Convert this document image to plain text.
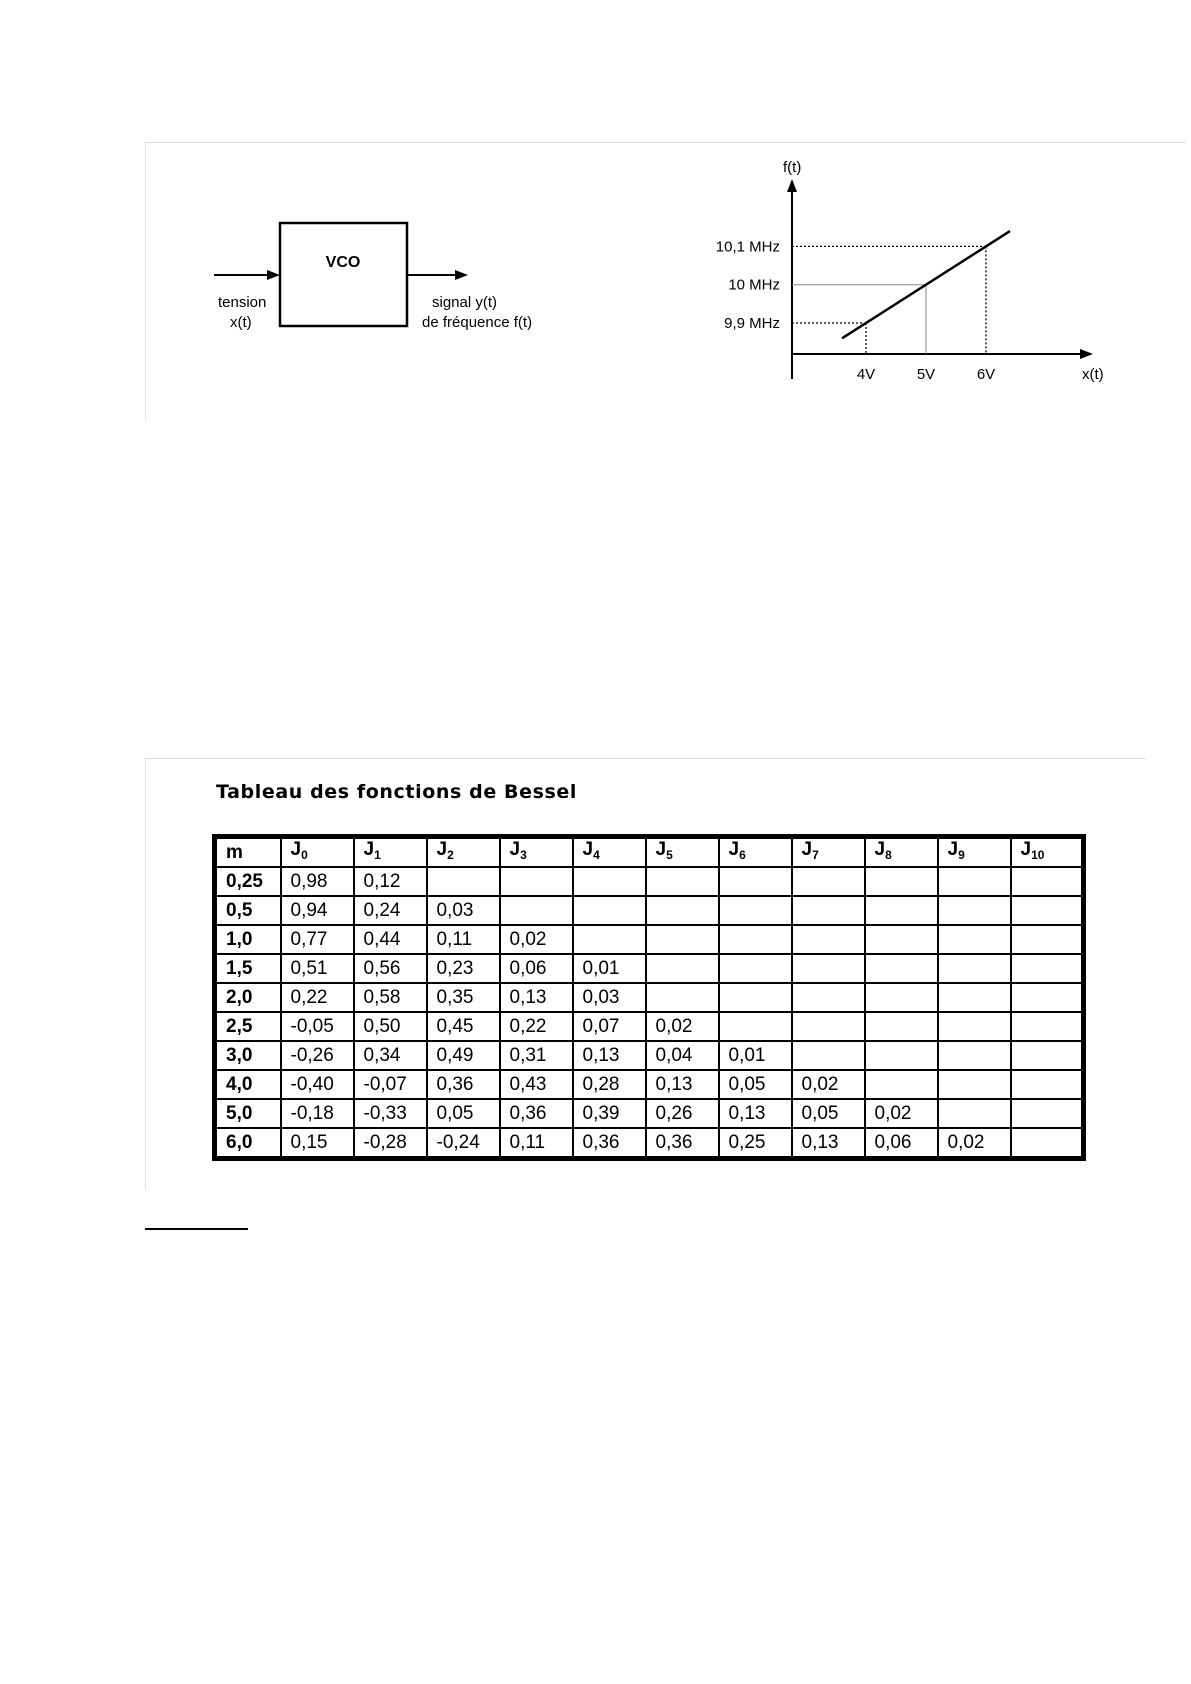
VCO
tension
x(t)
signal y(t)
de fréquence f(t)
f(t)
x(t)
4V
9,9 MHz
5V
10 MHz
6V
10,1 MHz
Tableau des fonctions de Bessel
m	$J_0$	$J_1$	$J_2$	$J_3$	$J_4$	$J_5$	$J_6$	$J_7$	$J_8$	$J_9$	$J_{10}$
0,25	0,98	0,12									
0,5	0,94	0,24	0,03								
1,0	0,77	0,44	0,11	0,02							
1,5	0,51	0,56	0,23	0,06	0,01						
2,0	0,22	0,58	0,35	0,13	0,03						
2,5	-0,05	0,50	0,45	0,22	0,07	0,02					
3,0	-0,26	0,34	0,49	0,31	0,13	0,04	0,01				
4,0	-0,40	-0,07	0,36	0,43	0,28	0,13	0,05	0,02			
5,0	-0,18	-0,33	0,05	0,36	0,39	0,26	0,13	0,05	0,02		
6,0	0,15	-0,28	-0,24	0,11	0,36	0,36	0,25	0,13	0,06	0,02	
